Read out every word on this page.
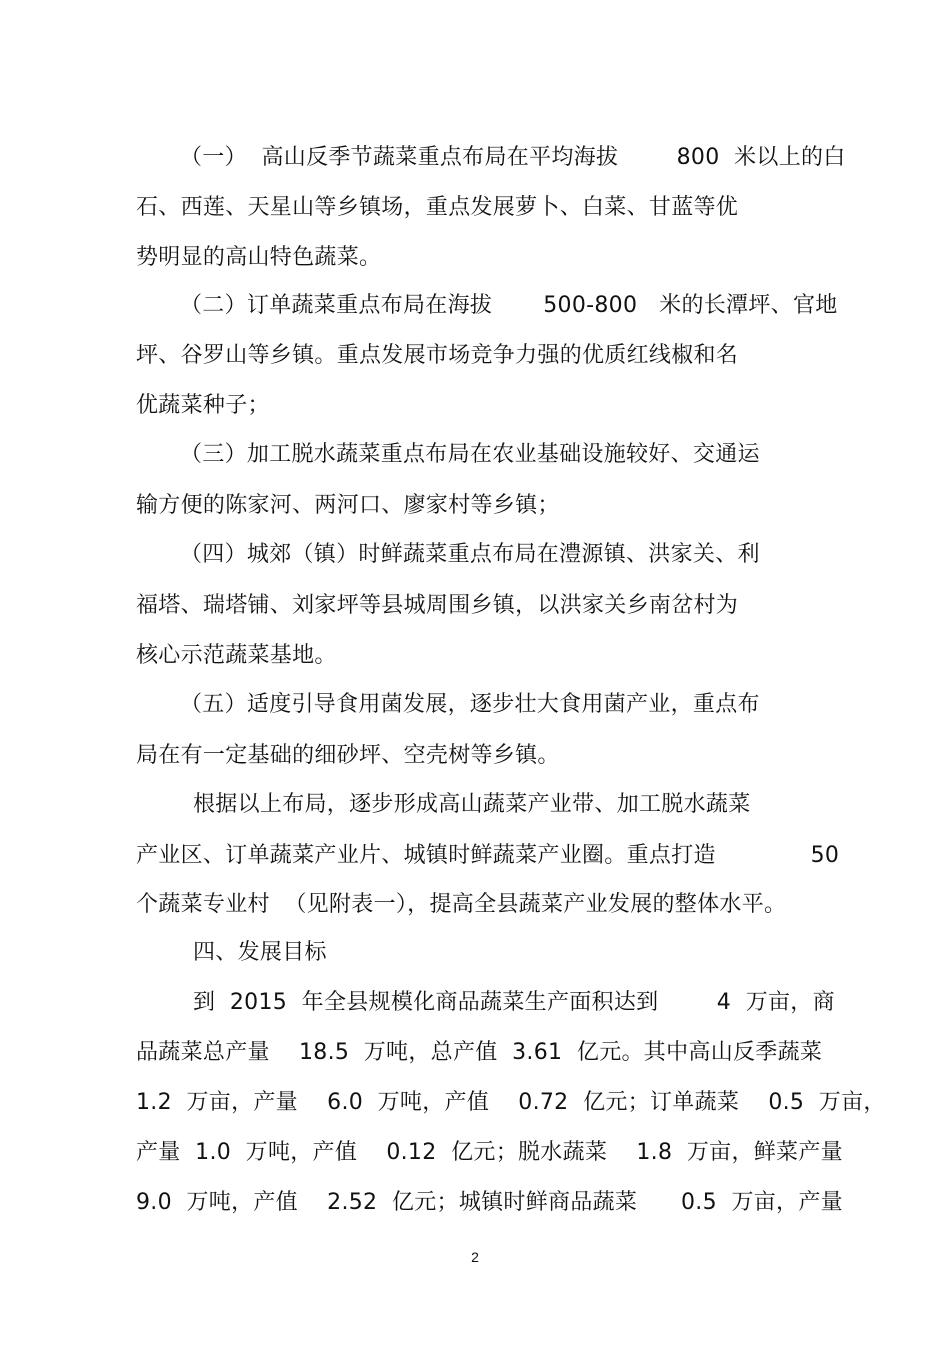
（一）  高山反季节蔬菜重点布局在平均海拔        800  米以上的白
石、西莲、天星山等乡镇场，重点发展萝卜、白菜、甘蓝等优
势明显的高山特色蔬菜。
（二）订单蔬菜重点布局在海拔       500-800   米的长潭坪、官地
坪、谷罗山等乡镇。重点发展市场竞争力强的优质红线椒和名
优蔬菜种子；
（三）加工脱水蔬菜重点布局在农业基础设施较好、交通运
输方便的陈家河、两河口、廖家村等乡镇；
（四）城郊（镇）时鲜蔬菜重点布局在澧源镇、洪家关、利
福塔、瑞塔铺、刘家坪等县城周围乡镇，以洪家关乡南岔村为
核心示范蔬菜基地。
（五）适度引导食用菌发展，逐步壮大食用菌产业，重点布
局在有一定基础的细砂坪、空壳树等乡镇。
根据以上布局，逐步形成高山蔬菜产业带、加工脱水蔬菜
产业区、订单蔬菜产业片、城镇时鲜蔬菜产业圈。重点打造             50
个蔬菜专业村  （见附表一），提高全县蔬菜产业发展的整体水平。
四、发展目标
到  2015  年全县规模化商品蔬菜生产面积达到        4  万亩，商
品蔬菜总产量    18.5  万吨，总产值  3.61  亿元。其中高山反季蔬菜
1.2  万亩，产量    6.0  万吨，产值    0.72  亿元；订单蔬菜    0.5  万亩，
产量  1.0  万吨，产值    0.12  亿元；脱水蔬菜    1.8  万亩，鲜菜产量
9.0  万吨，产值    2.52  亿元；城镇时鲜商品蔬菜      0.5  万亩，产量
2
